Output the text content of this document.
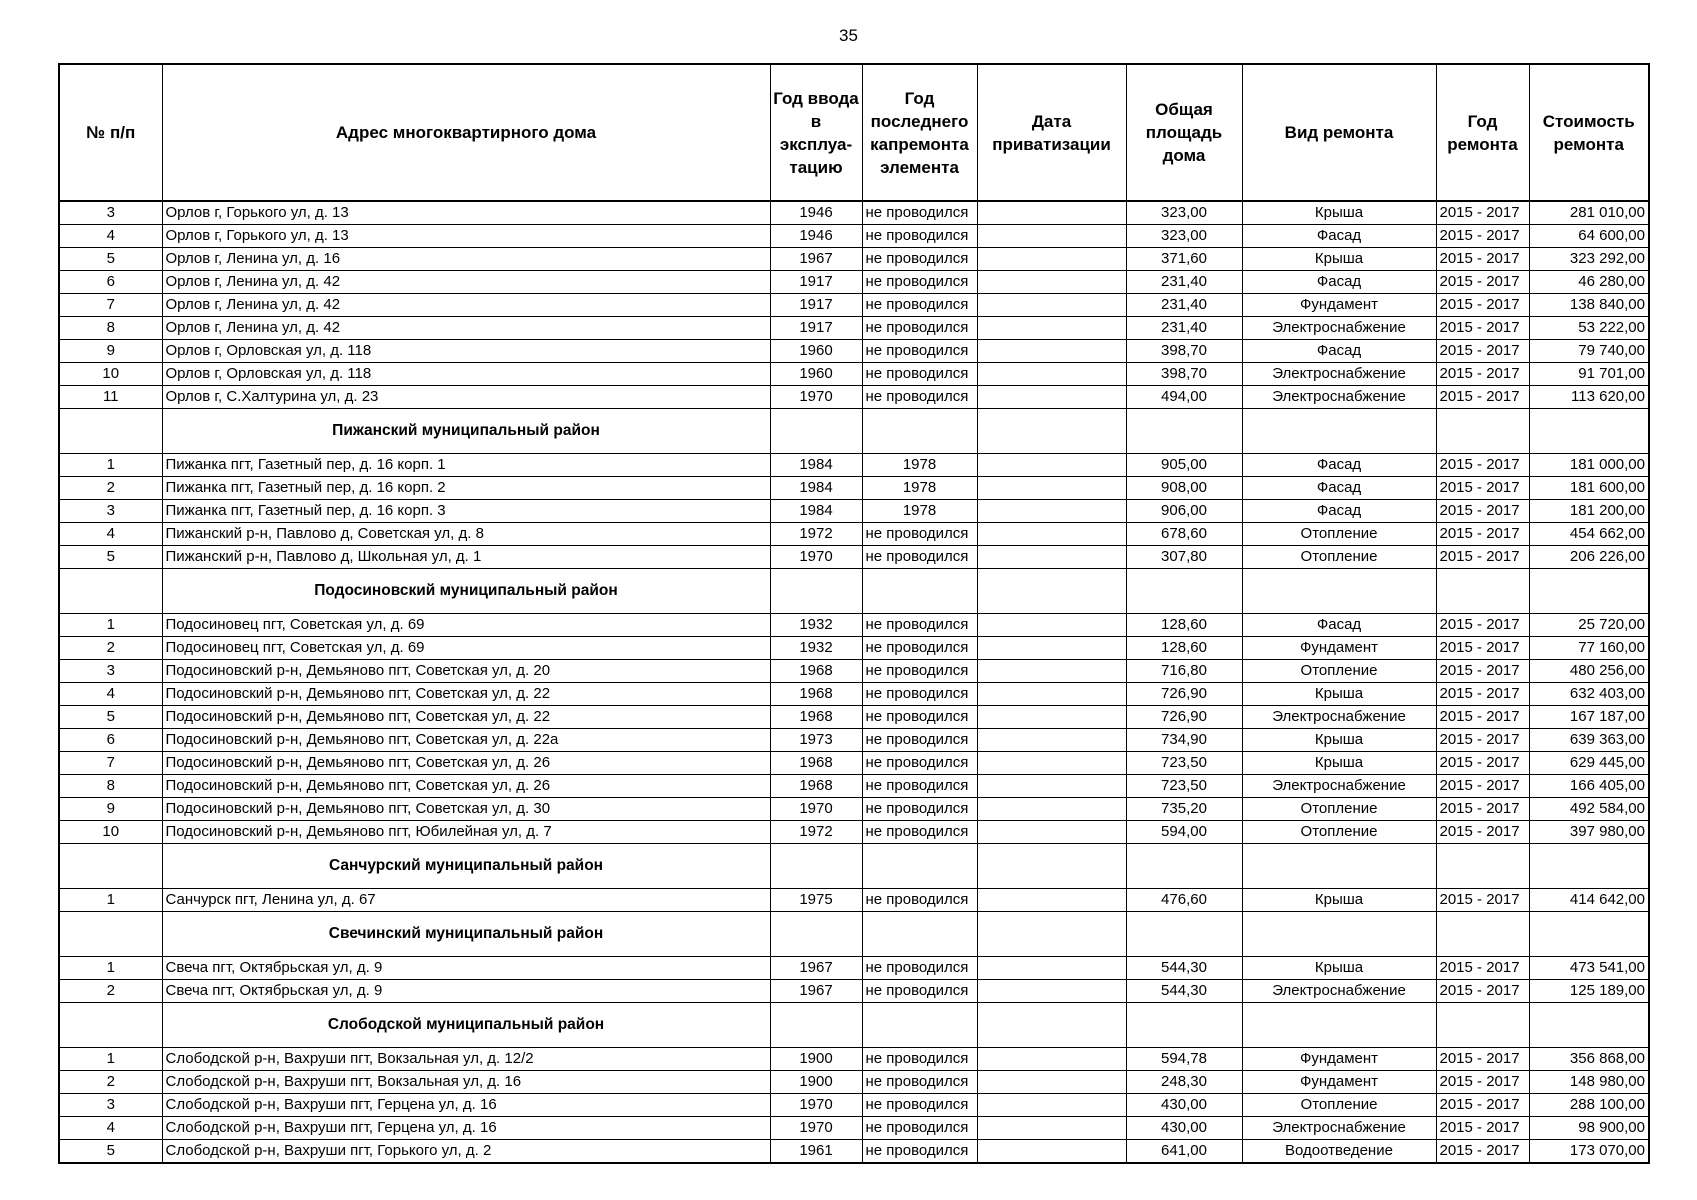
35
№ п/п	Адрес многоквартирного дома	Год ввода в эксплуа-тацию	Год последнего капремонта элемента	Дата приватизации	Общая площадь дома	Вид ремонта	Год ремонта	Стоимость ремонта
3	Орлов г, Горького ул, д. 13	1946	не проводился		323,00	Крыша	2015 - 2017	281 010,00
4	Орлов г, Горького ул, д. 13	1946	не проводился		323,00	Фасад	2015 - 2017	64 600,00
5	Орлов г, Ленина ул, д. 16	1967	не проводился		371,60	Крыша	2015 - 2017	323 292,00
6	Орлов г, Ленина ул, д. 42	1917	не проводился		231,40	Фасад	2015 - 2017	46 280,00
7	Орлов г, Ленина ул, д. 42	1917	не проводился		231,40	Фундамент	2015 - 2017	138 840,00
8	Орлов г, Ленина ул, д. 42	1917	не проводился		231,40	Электроснабжение	2015 - 2017	53 222,00
9	Орлов г, Орловская ул, д. 118	1960	не проводился		398,70	Фасад	2015 - 2017	79 740,00
10	Орлов г, Орловская ул, д. 118	1960	не проводился		398,70	Электроснабжение	2015 - 2017	91 701,00
11	Орлов г, С.Халтурина ул, д. 23	1970	не проводился		494,00	Электроснабжение	2015 - 2017	113 620,00
	Пижанский муниципальный район							
1	Пижанка пгт, Газетный пер, д. 16 корп. 1	1984	1978		905,00	Фасад	2015 - 2017	181 000,00
2	Пижанка пгт, Газетный пер, д. 16 корп. 2	1984	1978		908,00	Фасад	2015 - 2017	181 600,00
3	Пижанка пгт, Газетный пер, д. 16 корп. 3	1984	1978		906,00	Фасад	2015 - 2017	181 200,00
4	Пижанский р-н, Павлово д, Советская ул, д. 8	1972	не проводился		678,60	Отопление	2015 - 2017	454 662,00
5	Пижанский р-н, Павлово д, Школьная ул, д. 1	1970	не проводился		307,80	Отопление	2015 - 2017	206 226,00
	Подосиновский муниципальный район							
1	Подосиновец пгт, Советская ул, д. 69	1932	не проводился		128,60	Фасад	2015 - 2017	25 720,00
2	Подосиновец пгт, Советская ул, д. 69	1932	не проводился		128,60	Фундамент	2015 - 2017	77 160,00
3	Подосиновский р-н, Демьяново пгт, Советская ул, д. 20	1968	не проводился		716,80	Отопление	2015 - 2017	480 256,00
4	Подосиновский р-н, Демьяново пгт, Советская ул, д. 22	1968	не проводился		726,90	Крыша	2015 - 2017	632 403,00
5	Подосиновский р-н, Демьяново пгт, Советская ул, д. 22	1968	не проводился		726,90	Электроснабжение	2015 - 2017	167 187,00
6	Подосиновский р-н, Демьяново пгт, Советская ул, д. 22а	1973	не проводился		734,90	Крыша	2015 - 2017	639 363,00
7	Подосиновский р-н, Демьяново пгт, Советская ул, д. 26	1968	не проводился		723,50	Крыша	2015 - 2017	629 445,00
8	Подосиновский р-н, Демьяново пгт, Советская ул, д. 26	1968	не проводился		723,50	Электроснабжение	2015 - 2017	166 405,00
9	Подосиновский р-н, Демьяново пгт, Советская ул, д. 30	1970	не проводился		735,20	Отопление	2015 - 2017	492 584,00
10	Подосиновский р-н, Демьяново пгт, Юбилейная ул, д. 7	1972	не проводился		594,00	Отопление	2015 - 2017	397 980,00
	Санчурский муниципальный район							
1	Санчурск пгт, Ленина ул, д. 67	1975	не проводился		476,60	Крыша	2015 - 2017	414 642,00
	Свечинский муниципальный район							
1	Свеча пгт, Октябрьская ул, д. 9	1967	не проводился		544,30	Крыша	2015 - 2017	473 541,00
2	Свеча пгт, Октябрьская ул, д. 9	1967	не проводился		544,30	Электроснабжение	2015 - 2017	125 189,00
	Слободской муниципальный район							
1	Слободской р-н, Вахруши пгт, Вокзальная ул, д. 12/2	1900	не проводился		594,78	Фундамент	2015 - 2017	356 868,00
2	Слободской р-н, Вахруши пгт, Вокзальная ул, д. 16	1900	не проводился		248,30	Фундамент	2015 - 2017	148 980,00
3	Слободской р-н, Вахруши пгт, Герцена ул, д. 16	1970	не проводился		430,00	Отопление	2015 - 2017	288 100,00
4	Слободской р-н, Вахруши пгт, Герцена ул, д. 16	1970	не проводился		430,00	Электроснабжение	2015 - 2017	98 900,00
5	Слободской р-н, Вахруши пгт, Горького ул, д. 2	1961	не проводился		641,00	Водоотведение	2015 - 2017	173 070,00
